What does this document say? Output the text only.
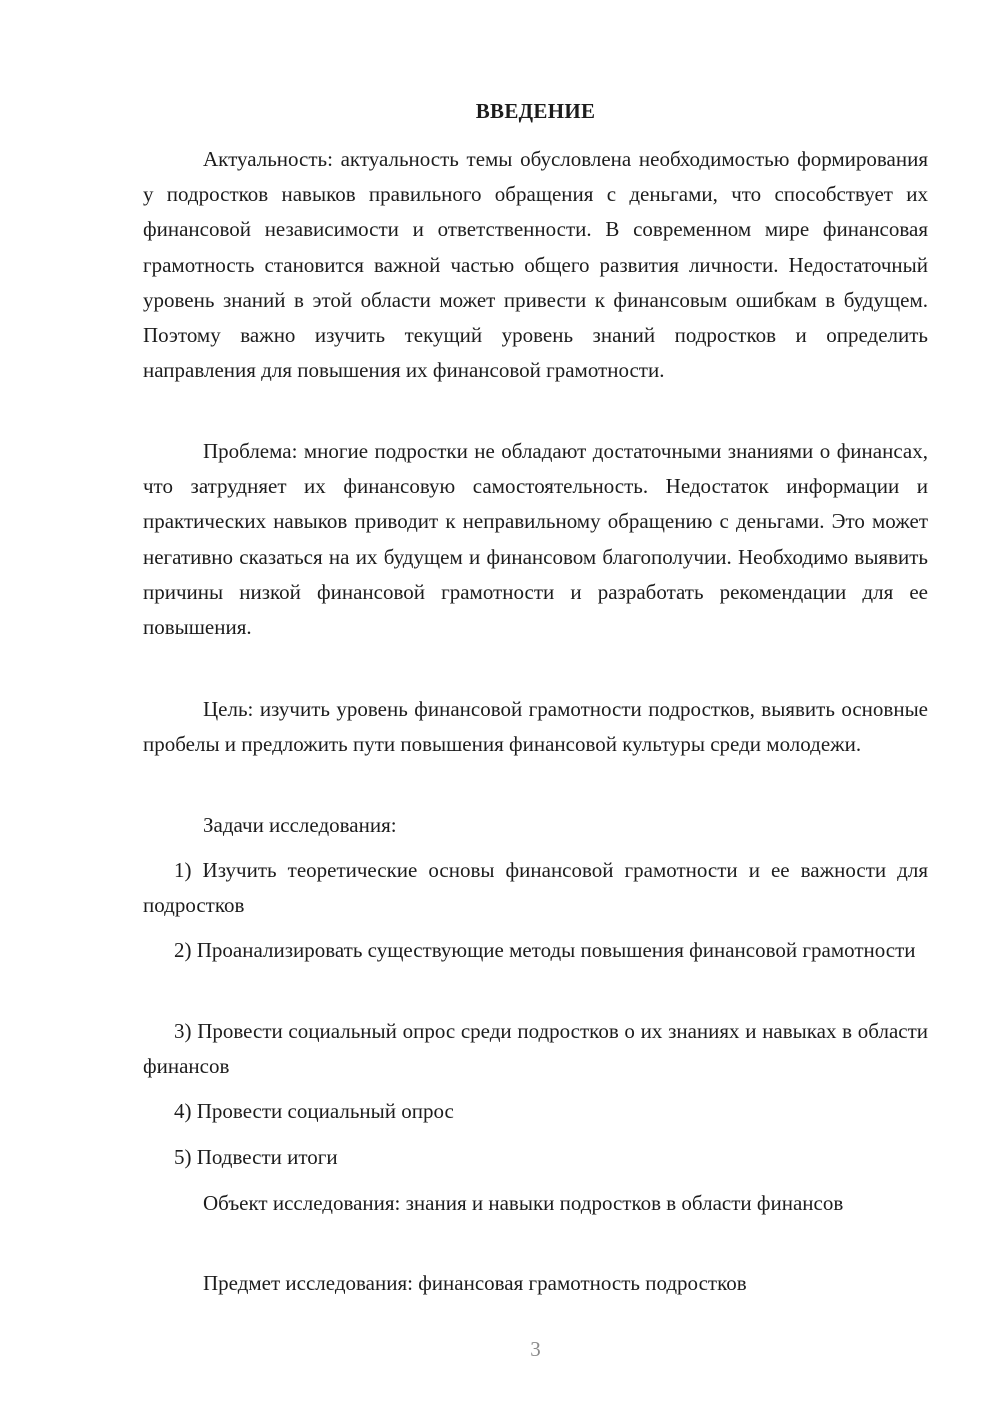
ВВЕДЕНИЕ

Актуальность: актуальность темы обусловлена необходимостью формирования у подростков навыков правильного обращения с деньгами, что способствует их финансовой независимости и ответственности. В современном мире финансовая грамотность становится важной частью общего развития личности. Недостаточный уровень знаний в этой области может привести к финансовым ошибкам в будущем. Поэтому важно изучить текущий уровень знаний подростков и определить направления для повышения их финансовой грамотности.

Проблема: многие подростки не обладают достаточными знаниями о финансах, что затрудняет их финансовую самостоятельность. Недостаток информации и практических навыков приводит к неправильному обращению с деньгами. Это может негативно сказаться на их будущем и финансовом благополучии. Необходимо выявить причины низкой финансовой грамотности и разработать рекомендации для ее повышения.

Цель: изучить уровень финансовой грамотности подростков, выявить основные пробелы и предложить пути повышения финансовой культуры среди молодежи.

Задачи исследования:

1) Изучить теоретические основы финансовой грамотности и ее важности для подростков

2) Проанализировать существующие методы повышения финансовой грамотности

3) Провести социальный опрос среди подростков о их знаниях и навыках в области финансов

4) Провести социальный опрос

5) Подвести итоги

Объект исследования: знания и навыки подростков в области финансов

Предмет исследования: финансовая грамотность подростков

3
